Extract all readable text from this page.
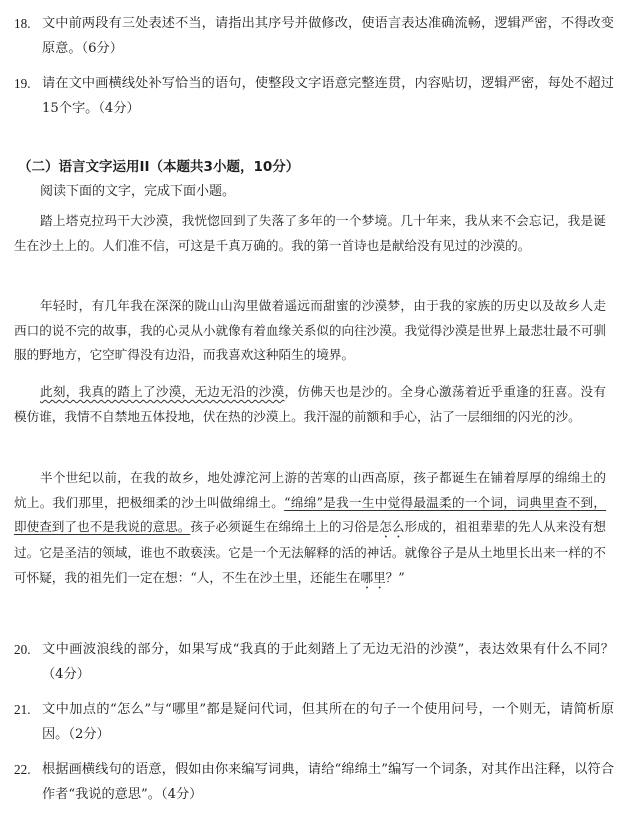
18. 文中前两段有三处表述不当，请指出其序号并做修改，使语言表达准确流畅，逻辑严密，不得改变原意。（6分）
19. 请在文中画横线处补写恰当的语句，使整段文字语意完整连贯，内容贴切，逻辑严密，每处不超过15个字。（4分）
（二）语言文字运用II（本题共3小题，10分）
阅读下面的文字，完成下面小题。
踏上塔克拉玛干大沙漠，我恍惚回到了失落了多年的一个梦境。几十年来，我从来不会忘记，我是诞生在沙土上的。人们准不信，可这是千真万确的。我的第一首诗也是献给没有见过的沙漠的。
年轻时，有几年我在深深的陇山山沟里做着遥远而甜蜜的沙漠梦，由于我的家族的历史以及故乡人走西口的说不完的故事，我的心灵从小就像有着血缘关系似的向往沙漠。我觉得沙漠是世界上最悲壮最不可驯服的野地方，它空旷得没有边沿，而我喜欢这种陌生的境界。
此刻，我真的踏上了沙漠，无边无沿的沙漠，仿佛天也是沙的。全身心激荡着近乎重逢的狂喜。没有模仿谁，我情不自禁地五体投地，伏在热的沙漠上。我汗湿的前额和手心，沾了一层细细的闪光的沙。
半个世纪以前，在我的故乡，地处滹沱河上游的苦寒的山西高原，孩子都诞生在铺着厚厚的绵绵土的炕上。我们那里，把极细柔的沙土叫做绵绵土。“绵绵”是我一生中觉得最温柔的一个词，词典里查不到，即使查到了也不是我说的意思。孩子必须诞生在绵绵土上的习俗是怎么形成的，祖祖辈辈的先人从来没有想过。它是圣洁的领域，谁也不敢亵渎。它是一个无法解释的活的神话。就像谷子是从土地里长出来一样的不可怀疑，我的祖先们一定在想：“人，不生在沙土里，还能生在哪里？”
20. 文中画波浪线的部分，如果写成“我真的于此刻踏上了无边无沿的沙漠”，表达效果有什么不同？（4分）
21. 文中加点的“怎么”与“哪里”都是疑问代词，但其所在的句子一个使用问号，一个则无，请简析原因。（2分）
22. 根据画横线句的语意，假如由你来编写词典，请给“绵绵土”编写一个词条，对其作出注释，以符合作者“我说的意思”。（4分）
